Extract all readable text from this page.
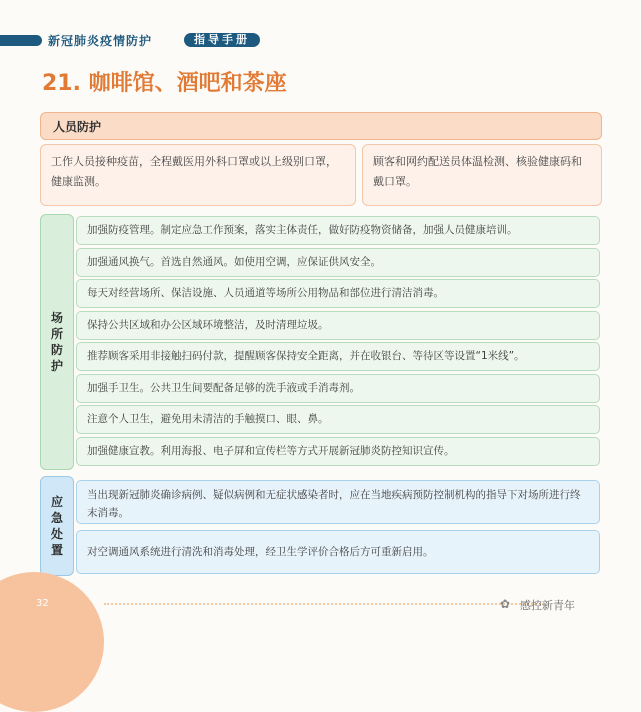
新冠肺炎疫情防护	指导手册
21. 咖啡馆、酒吧和茶座
人员防护
工作人员接种疫苗，全程戴医用外科口罩或以上级别口罩，健康监测。
顾客和网约配送员体温检测、核验健康码和戴口罩。
场
所
防
护
加强防疫管理。制定应急工作预案，落实主体责任，做好防疫物资储备，加强人员健康培训。
加强通风换气。首选自然通风。如使用空调，应保证供风安全。
每天对经营场所、保洁设施、人员通道等场所公用物品和部位进行清洁消毒。
保持公共区域和办公区域环境整洁，及时清理垃圾。
推荐顾客采用非接触扫码付款，提醒顾客保持安全距离，并在收银台、等待区等设置“1米线”。
加强手卫生。公共卫生间要配备足够的洗手液或手消毒剂。
注意个人卫生，避免用未清洁的手触摸口、眼、鼻。
加强健康宣教。利用海报、电子屏和宣传栏等方式开展新冠肺炎防控知识宣传。
应
急
处
置
当出现新冠肺炎确诊病例、疑似病例和无症状感染者时，应在当地疾病预防控制机构的指导下对场所进行终末消毒。
对空调通风系统进行清洗和消毒处理，经卫生学评价合格后方可重新启用。
32	✿ 感控新青年
